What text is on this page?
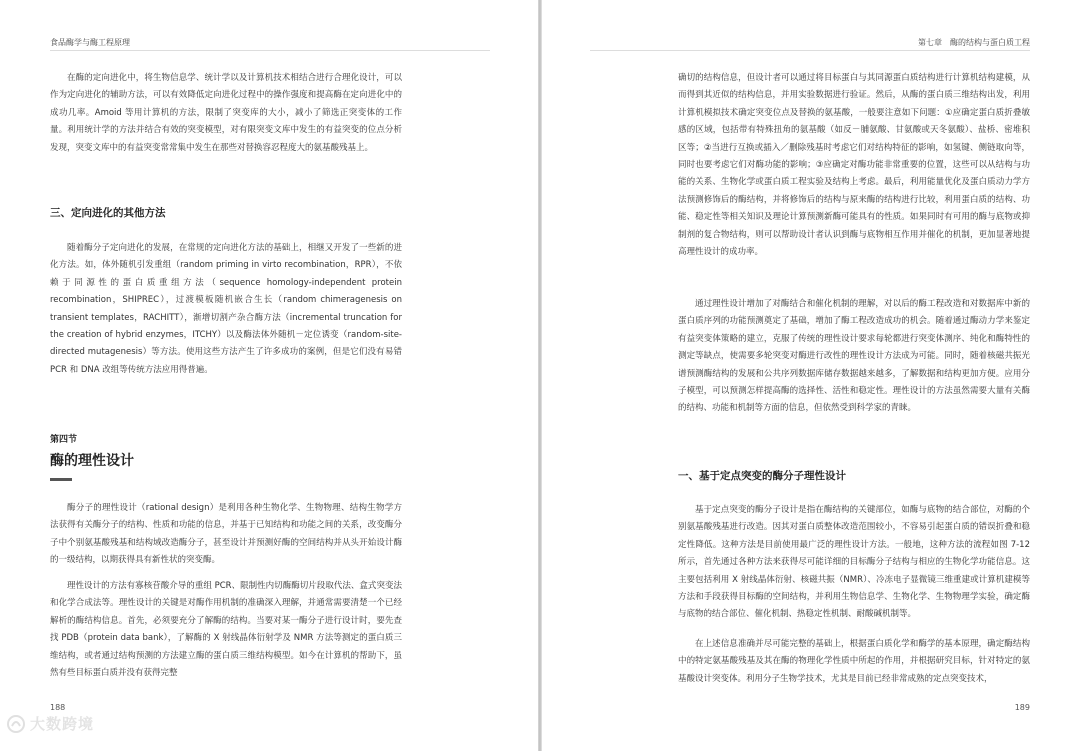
食品酶学与酶工程原理

在酶的定向进化中，将生物信息学、统计学以及计算机技术相结合进行合理化设计，可以作为定向进化的辅助方法，可以有效降低定向进化过程中的操作强度和提高酶在定向进化中的成功几率。Amoid 等用计算机的方法，限制了突变库的大小，减小了筛选正突变体的工作量。利用统计学的方法并结合有效的突变模型，对有限突变文库中发生的有益突变的位点分析发现，突变文库中的有益突变常常集中发生在那些对替换容忍程度大的氨基酸残基上。

三、定向进化的其他方法

随着酶分子定向进化的发展，在常规的定向进化方法的基础上，相继又开发了一些新的进化方法。如，体外随机引发重组（random priming in virto recombination，RPR），不依赖于同源性的蛋白质重组方法（sequence homology-independent protein recombination，SHIPREC），过渡模板随机嵌合生长（random chimeragenesis on transient templates，RACHITT），渐增切割产杂合酶方法（incremental truncation for the creation of hybrid enzymes，ITCHY）以及酶法体外随机－定位诱变（random-site-directed mutagenesis）等方法。使用这些方法产生了许多成功的案例，但是它们没有易错 PCR 和 DNA 改组等传统方法应用得普遍。

第四节
酶的理性设计

酶分子的理性设计（rational design）是利用各种生物化学、生物物理、结构生物学方法获得有关酶分子的结构、性质和功能的信息，并基于已知结构和功能之间的关系，改变酶分子中个别氨基酸残基和结构域改造酶分子，甚至设计并预测好酶的空间结构并从头开始设计酶的一级结构，以期获得具有新性状的突变酶。

理性设计的方法有寡核苷酸介导的重组 PCR、限制性内切酶酶切片段取代法、盒式突变法和化学合成法等。理性设计的关键是对酶作用机制的准确深入理解，并通常需要清楚一个已经解析的酶结构信息。首先，必须要充分了解酶的结构。当要对某一酶分子进行设计时，要先查找 PDB（protein data bank），了解酶的 X 射线晶体衍射学及 NMR 方法等测定的蛋白质三维结构，或者通过结构预测的方法建立酶的蛋白质三维结构模型。如今在计算机的帮助下，虽然有些目标蛋白质并没有获得完整

188
大数跨境
第七章　酶的结构与蛋白质工程

确切的结构信息，但设计者可以通过将目标蛋白与其同源蛋白质结构进行计算机结构建模，从而得到其近似的结构信息，并用实验数据进行验证。然后，从酶的蛋白质三维结构出发，利用计算机模拟技术确定突变位点及替换的氨基酸，一般要注意如下问题：①应确定蛋白质折叠敏感的区域，包括带有特殊扭角的氨基酸（如反－脯氨酸、甘氨酸或天冬氨酸）、盐桥、密堆积区等；②当进行互换或插入／删除残基时考虑它们对结构特征的影响，如氢键、侧链取向等，同时也要考虑它们对酶功能的影响；③应确定对酶功能非常重要的位置，这些可以从结构与功能的关系、生物化学或蛋白质工程实验及结构上考虑。最后，利用能量优化及蛋白质动力学方法预测修饰后的酶结构，并将修饰后的结构与原来酶的结构进行比较，利用蛋白质的结构、功能、稳定性等相关知识及理论计算预测新酶可能具有的性质。如果同时有可用的酶与底物或抑制剂的复合物结构，则可以帮助设计者认识到酶与底物相互作用并催化的机制，更加显著地提高理性设计的成功率。

通过理性设计增加了对酶结合和催化机制的理解，对以后的酶工程改造和对数据库中新的蛋白质序列的功能预测奠定了基础，增加了酶工程改造成功的机会。随着通过酶动力学来鉴定有益突变体策略的建立，克服了传统的理性设计要求每轮都进行突变体测序、纯化和酶特性的测定等缺点，使需要多轮突变对酶进行改性的理性设计方法成为可能。同时，随着核磁共振光谱预测酶结构的发展和公共序列数据库储存数据越来越多，了解数据和结构更加方便。应用分子模型，可以预测怎样提高酶的选择性、活性和稳定性。理性设计的方法虽然需要大量有关酶的结构、功能和机制等方面的信息，但依然受到科学家的青睐。

一、基于定点突变的酶分子理性设计

基于定点突变的酶分子设计是指在酶结构的关键部位，如酶与底物的结合部位，对酶的个别氨基酸残基进行改造。因其对蛋白质整体改造范围较小，不容易引起蛋白质的错误折叠和稳定性降低。这种方法是目前使用最广泛的理性设计方法。一般地，这种方法的流程如图 7-12 所示，首先通过各种方法来获得尽可能详细的目标酶分子结构与相应的生物化学功能信息。这主要包括利用 X 射线晶体衍射、核磁共振（NMR）、冷冻电子显微镜三维重建或计算机建模等方法和手段获得目标酶的空间结构，并利用生物信息学、生物化学、生物物理学实验，确定酶与底物的结合部位、催化机制、热稳定性机制、耐酸碱机制等。

在上述信息准确并尽可能完整的基础上，根据蛋白质化学和酶学的基本原理，确定酶结构中的特定氨基酸残基及其在酶的物理化学性质中所起的作用，并根据研究目标，针对特定的氨基酸设计突变体。利用分子生物学技术，尤其是目前已经非常成熟的定点突变技术，

189
